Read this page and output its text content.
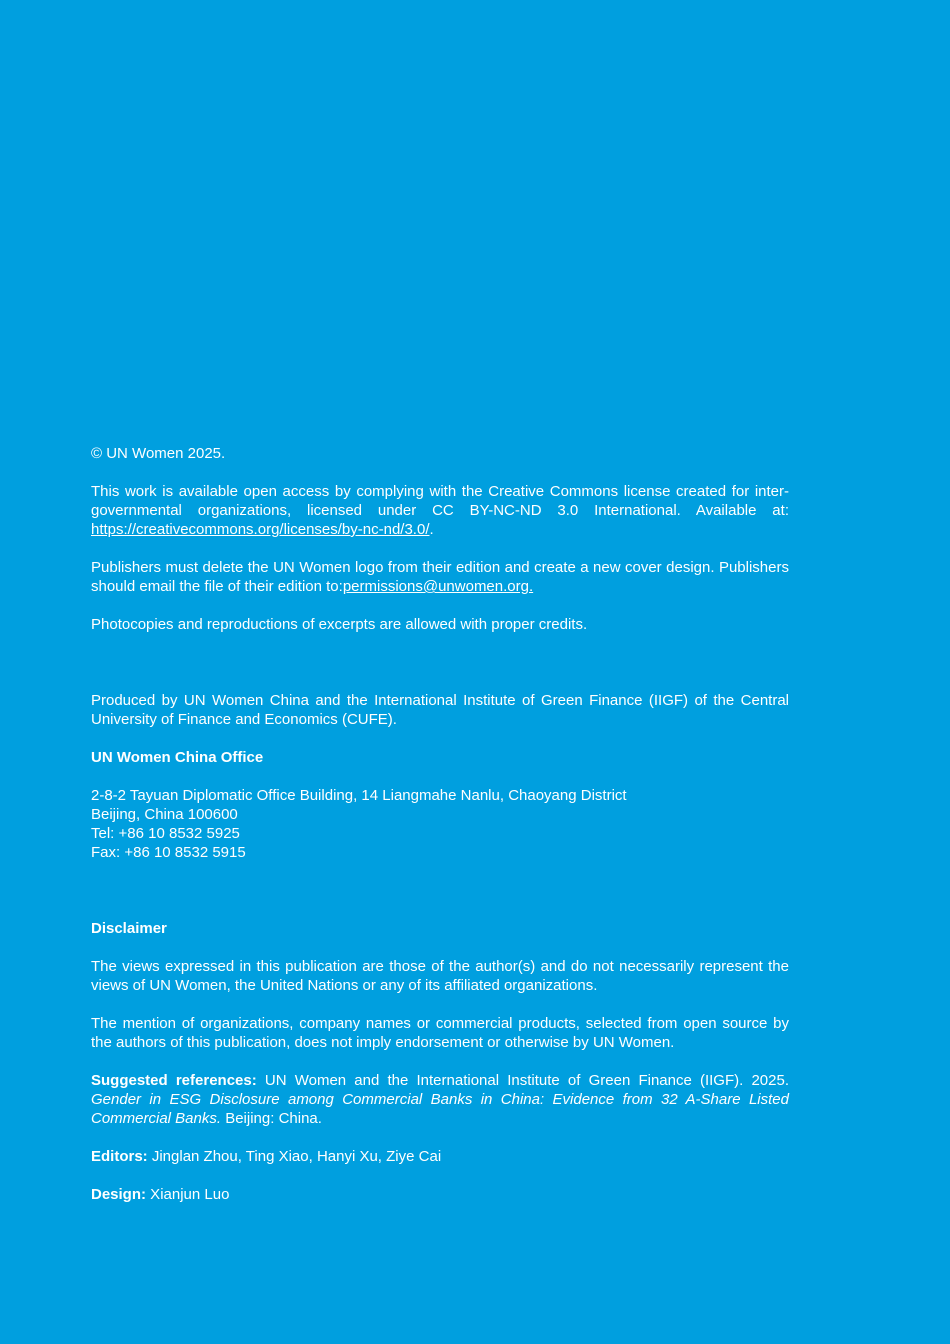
© UN Women 2025.

This work is available open access by complying with the Creative Commons license created for inter-governmental organizations, licensed under CC BY-NC-ND 3.0 International. Available at: https://creativecommons.org/licenses/by-nc-nd/3.0/.

Publishers must delete the UN Women logo from their edition and create a new cover design. Publishers should email the file of their edition to:permissions@unwomen.org.

Photocopies and reproductions of excerpts are allowed with proper credits.

Produced by UN Women China and the International Institute of Green Finance (IIGF) of the Central University of Finance and Economics (CUFE).

UN Women China Office

2-8-2 Tayuan Diplomatic Office Building, 14 Liangmahe Nanlu, Chaoyang District
Beijing, China 100600
Tel: +86 10 8532 5925
Fax: +86 10 8532 5915

Disclaimer

The views expressed in this publication are those of the author(s) and do not necessarily represent the views of UN Women, the United Nations or any of its affiliated organizations.

The mention of organizations, company names or commercial products, selected from open source by the authors of this publication, does not imply endorsement or otherwise by UN Women.

Suggested references: UN Women and the International Institute of Green Finance (IIGF). 2025. Gender in ESG Disclosure among Commercial Banks in China: Evidence from 32 A-Share Listed Commercial Banks. Beijing: China.

Editors: Jinglan Zhou, Ting Xiao, Hanyi Xu, Ziye Cai

Design: Xianjun Luo
